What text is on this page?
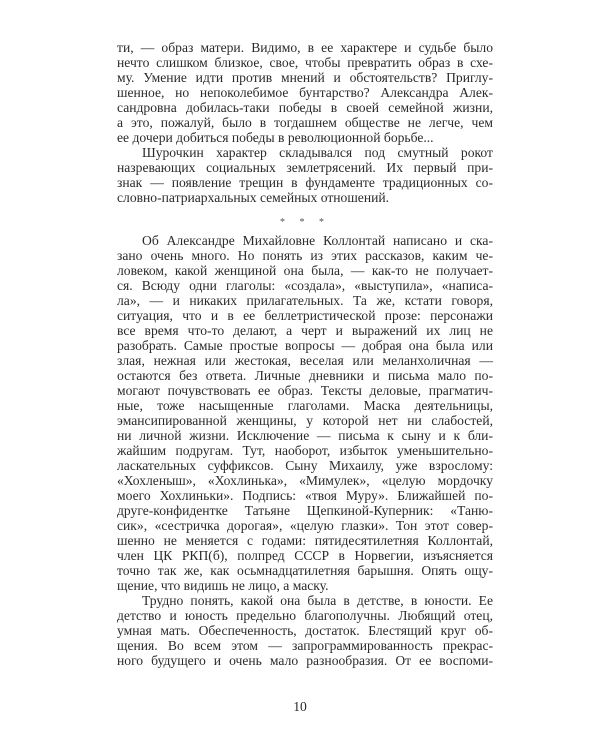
ти, — образ матери. Видимо, в ее характере и судьбе было
нечто слишком близкое, свое, чтобы превратить образ в схе-
му. Умение идти против мнений и обстоятельств? Приглу-
шенное, но непоколебимое бунтарство? Александра Алек-
сандровна добилась-таки победы в своей семейной жизни,
а это, пожалуй, было в тогдашнем обществе не легче, чем
ее дочери добиться победы в революционной борьбе...
Шурочкин характер складывался под смутный рокот
назревающих социальных землетрясений. Их первый при-
знак — появление трещин в фундаменте традиционных со-
словно-патриархальных семейных отношений.
* * *
Об Александре Михайловне Коллонтай написано и ска-
зано очень много. Но понять из этих рассказов, каким че-
ловеком, какой женщиной она была, — как-то не получает-
ся. Всюду одни глаголы: «создала», «выступила», «написа-
ла», — и никаких прилагательных. Та же, кстати говоря,
ситуация, что и в ее беллетристической прозе: персонажи
все время что-то делают, а черт и выражений их лиц не
разобрать. Самые простые вопросы — добрая она была или
злая, нежная или жестокая, веселая или меланхоличная —
остаются без ответа. Личные дневники и письма мало по-
могают почувствовать ее образ. Тексты деловые, прагматич-
ные, тоже насыщенные глаголами. Маска деятельницы,
эмансипированной женщины, у которой нет ни слабостей,
ни личной жизни. Исключение — письма к сыну и к бли-
жайшим подругам. Тут, наоборот, избыток уменьшительно-
ласкательных суффиксов. Сыну Михаилу, уже взрослому:
«Хохленыш», «Хохлинька», «Мимулек», «целую мордочку
моего Хохлиньки». Подпись: «твоя Муру». Ближайшей по-
друге-конфидентке Татьяне Щепкиной-Куперник: «Таню-
сик», «сестричка дорогая», «целую глазки». Тон этот совер-
шенно не меняется с годами: пятидесятилетняя Коллонтай,
член ЦК РКП(б), полпред СССР в Норвегии, изъясняется
точно так же, как осьмнадцатилетняя барышня. Опять ощу-
щение, что видишь не лицо, а маску.
Трудно понять, какой она была в детстве, в юности. Ее
детство и юность предельно благополучны. Любящий отец,
умная мать. Обеспеченность, достаток. Блестящий круг об-
щения. Во всем этом — запрограммированность прекрас-
ного будущего и очень мало разнообразия. От ее воспоми-
10
